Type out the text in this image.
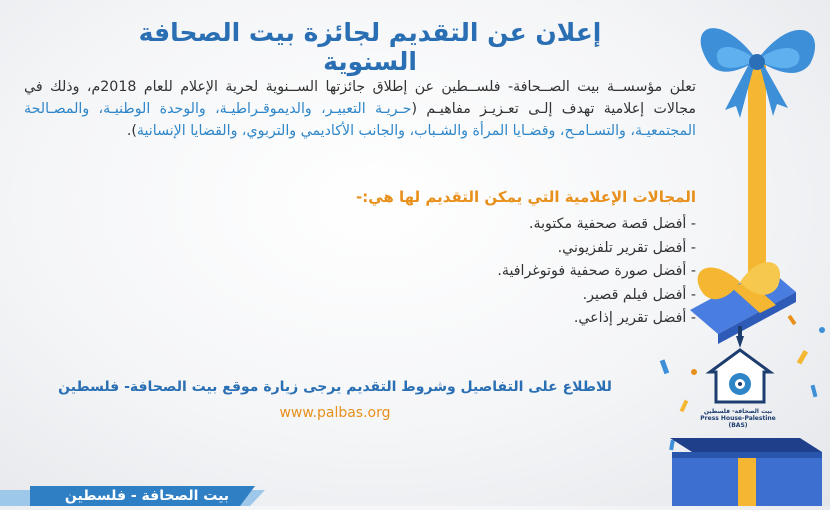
إعلان عن التقديم لجائزة بيت الصحافة السنوية

تعلن مؤسســة بيت الصــحافة- فلســطين عن إطلاق جائزتها الســنوية لحرية الإعلام للعام 2018م، وذلك في مجالات إعلامية تهدف إلـى تعـزيـز مفاهيـم (حـريـة التعبيـر، والديموقـراطيـة، والوحدة الوطنيـة، والمصـالحة المجتمعيـة، والتسـامـح، وقضـايا المرأة والشـباب، والجانب الأكاديمي والتربوي، والقضايا الإنسانية).

المجالات الإعلامية التي يمكن التقديم لها هي:-
- أفضل قصة صحفية مكتوبة.
- أفضل تقرير تلفزيوني.
- أفضل صورة صحفية فوتوغرافية.
- أفضل فيلم قصير.
- أفضل تقرير إذاعي.

للاطلاع على التفاصيل وشروط التقديم يرجى زيارة موقع بيت الصحافة- فلسطين

www.palbas.org
بيت الصحافة - فلسطين
بيت الصحافة- فلسطين
Press House-Palestine
(BAS)
